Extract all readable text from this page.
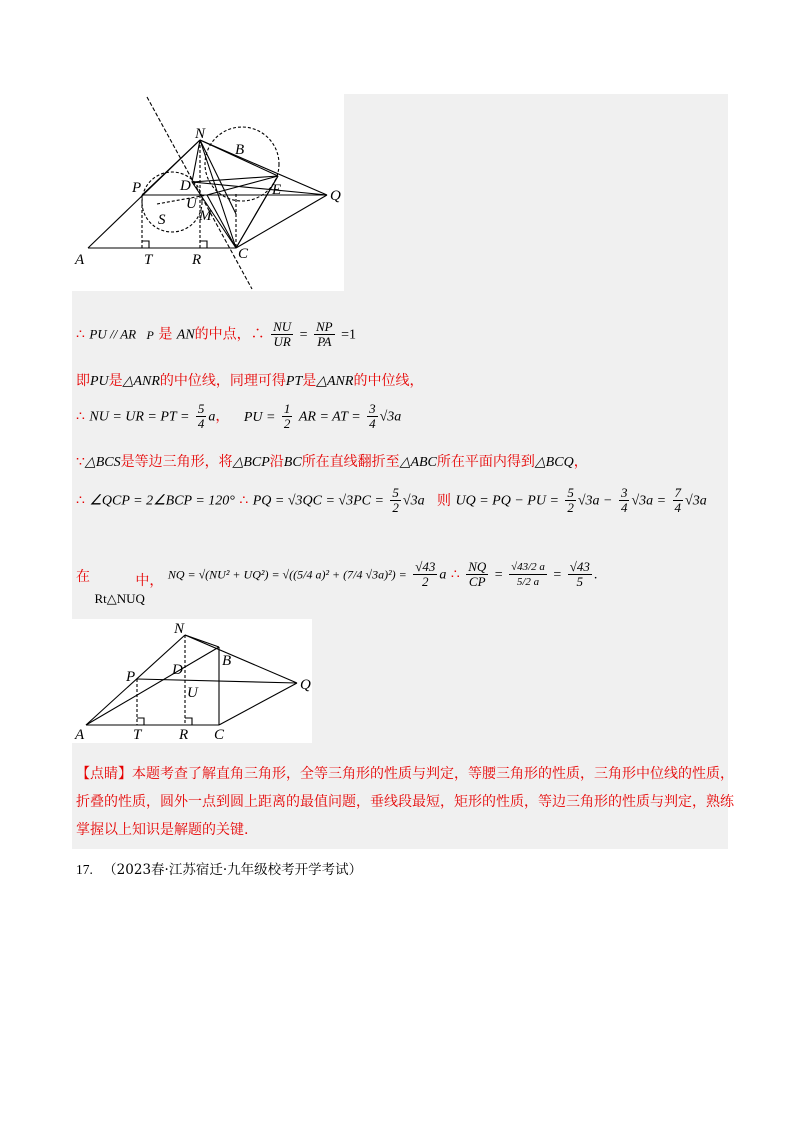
N
B
P	D	E	Q
U
M
S
A	T	R C
∴ PU // AR P 是 AN的中点，∴ $\frac{NU}{UR} = \frac{NP}{PA} =1$
即PU是△ANR的中位线，同理可得PT是△ANR的中位线，
∴ NU = UR = PT = $\frac{5}{4}$ a， PU = $\frac{1}{2}$ AR = AT = $\frac{3}{4} √3a$
∵△BCS是等边三角形，将△BCP沿BC所在直线翻折至△ABC所在平面内得到△BCQ，
∴ ∠QCP = 2∠BCP = 120° ∴ PQ = $√3QC = √3PC = \frac{5}{2} √3a$ 则 UQ = PQ − PU = $\frac{5}{2} √3a - \frac{3}{4} √3a = \frac{7}{4} √3a$
在 Rt△NUQ 中， NQ = √(NU² + UQ²) = √((5/4 a)² + (7/4 $√3a)^2) = \frac{√43}{2}$ a ∴ $\frac{NQ}{CP} = \frac{√43/2 a}{5/2 a} = \frac{√43}{5}$ .
N
B
P D
Q
U
A	T	R C
【点睛】本题考查了解直角三角形，全等三角形的性质与判定，等腰三角形的性质，三角形中位线的性质，折叠的性质，圆外一点到圆上距离的最值问题，垂线段最短，矩形的性质，等边三角形的性质与判定，熟练掌握以上知识是解题的关键.
17. （2023春·江苏宿迁·九年级校考开学考试）
